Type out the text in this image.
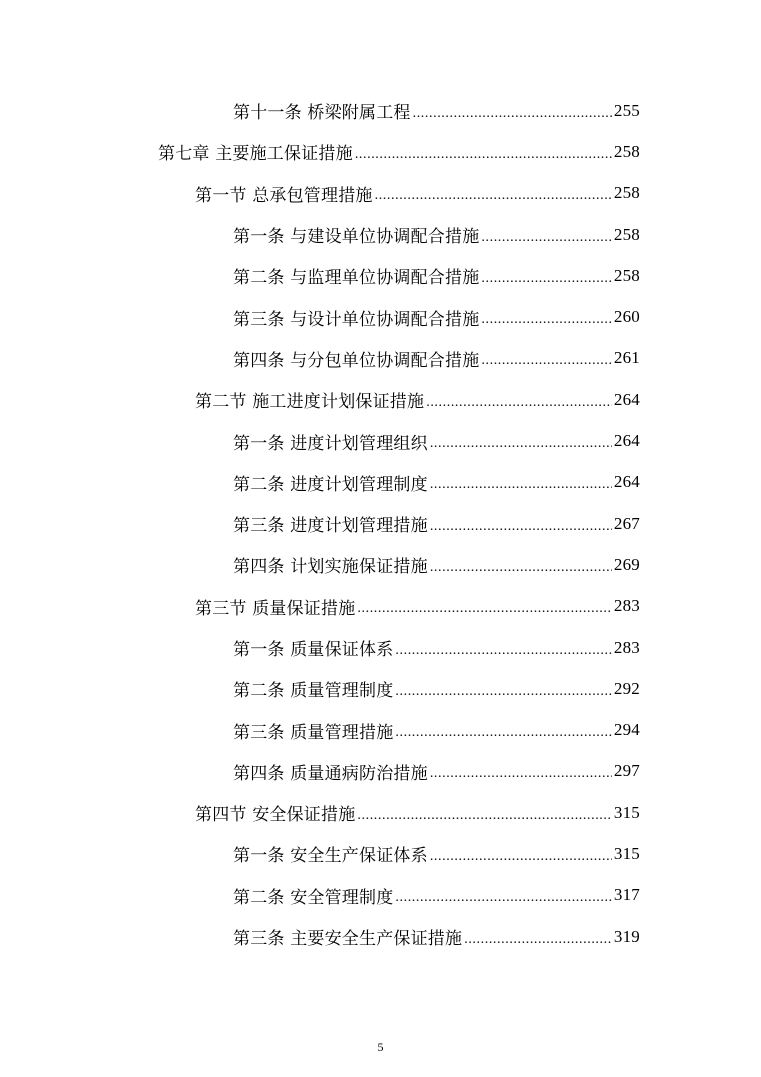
第十一条 桥梁附属工程 .....	255
第七章 主要施工保证措施 .....	258
第一节 总承包管理措施 .....	258
第一条 与建设单位协调配合措施 .....	258
第二条 与监理单位协调配合措施 .....	258
第三条 与设计单位协调配合措施 .....	260
第四条 与分包单位协调配合措施 .....	261
第二节 施工进度计划保证措施 .....	264
第一条 进度计划管理组织 .....	264
第二条 进度计划管理制度 .....	264
第三条 进度计划管理措施 .....	267
第四条 计划实施保证措施 .....	269
第三节 质量保证措施 .....	283
第一条 质量保证体系 .....	283
第二条 质量管理制度 .....	292
第三条 质量管理措施 .....	294
第四条 质量通病防治措施 .....	297
第四节 安全保证措施 .....	315
第一条 安全生产保证体系 .....	315
第二条 安全管理制度 .....	317
第三条 主要安全生产保证措施 .....	319
5
